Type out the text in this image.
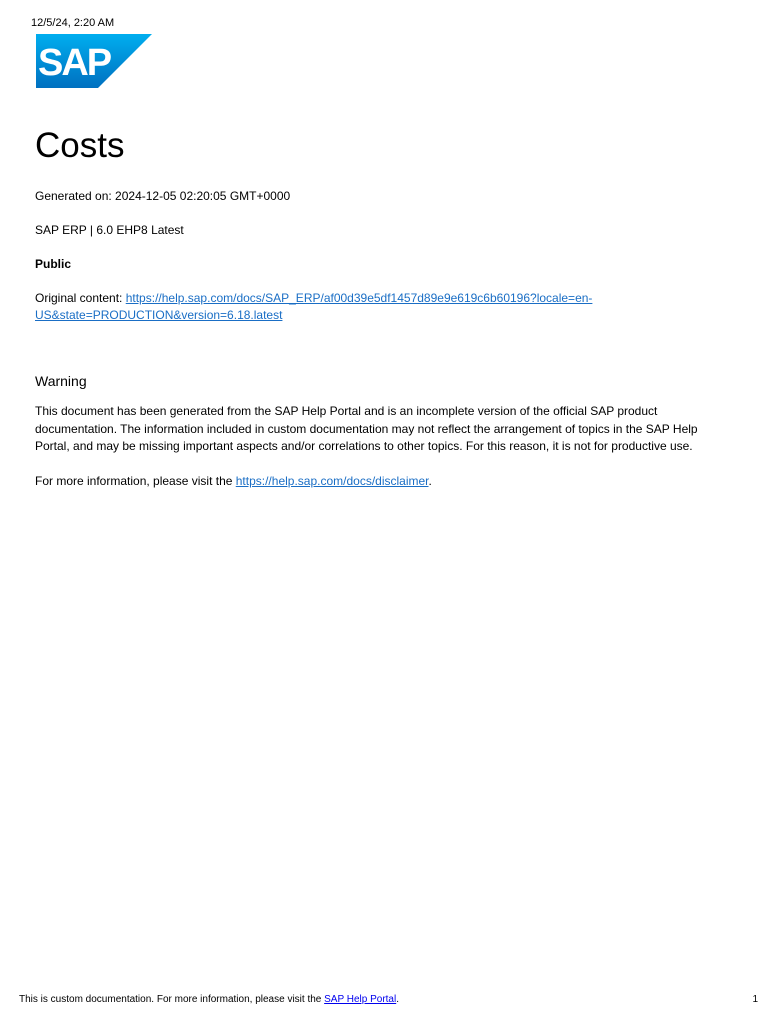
12/5/24, 2:20 AM
SAP
Costs

Generated on: 2024-12-05 02:20:05 GMT+0000

SAP ERP | 6.0 EHP8 Latest

Public

Original content: https://help.sap.com/docs/SAP_ERP/af00d39e5df1457d89e9e619c6b60196?locale=en-
US&state=PRODUCTION&version=6.18.latest

Warning

This document has been generated from the SAP Help Portal and is an incomplete version of the official SAP product documentation. The information included in custom documentation may not reflect the arrangement of topics in the SAP Help Portal, and may be missing important aspects and/or correlations to other topics. For this reason, it is not for productive use.

For more information, please visit the https://help.sap.com/docs/disclaimer.

This is custom documentation. For more information, please visit the SAP Help Portal.	1
